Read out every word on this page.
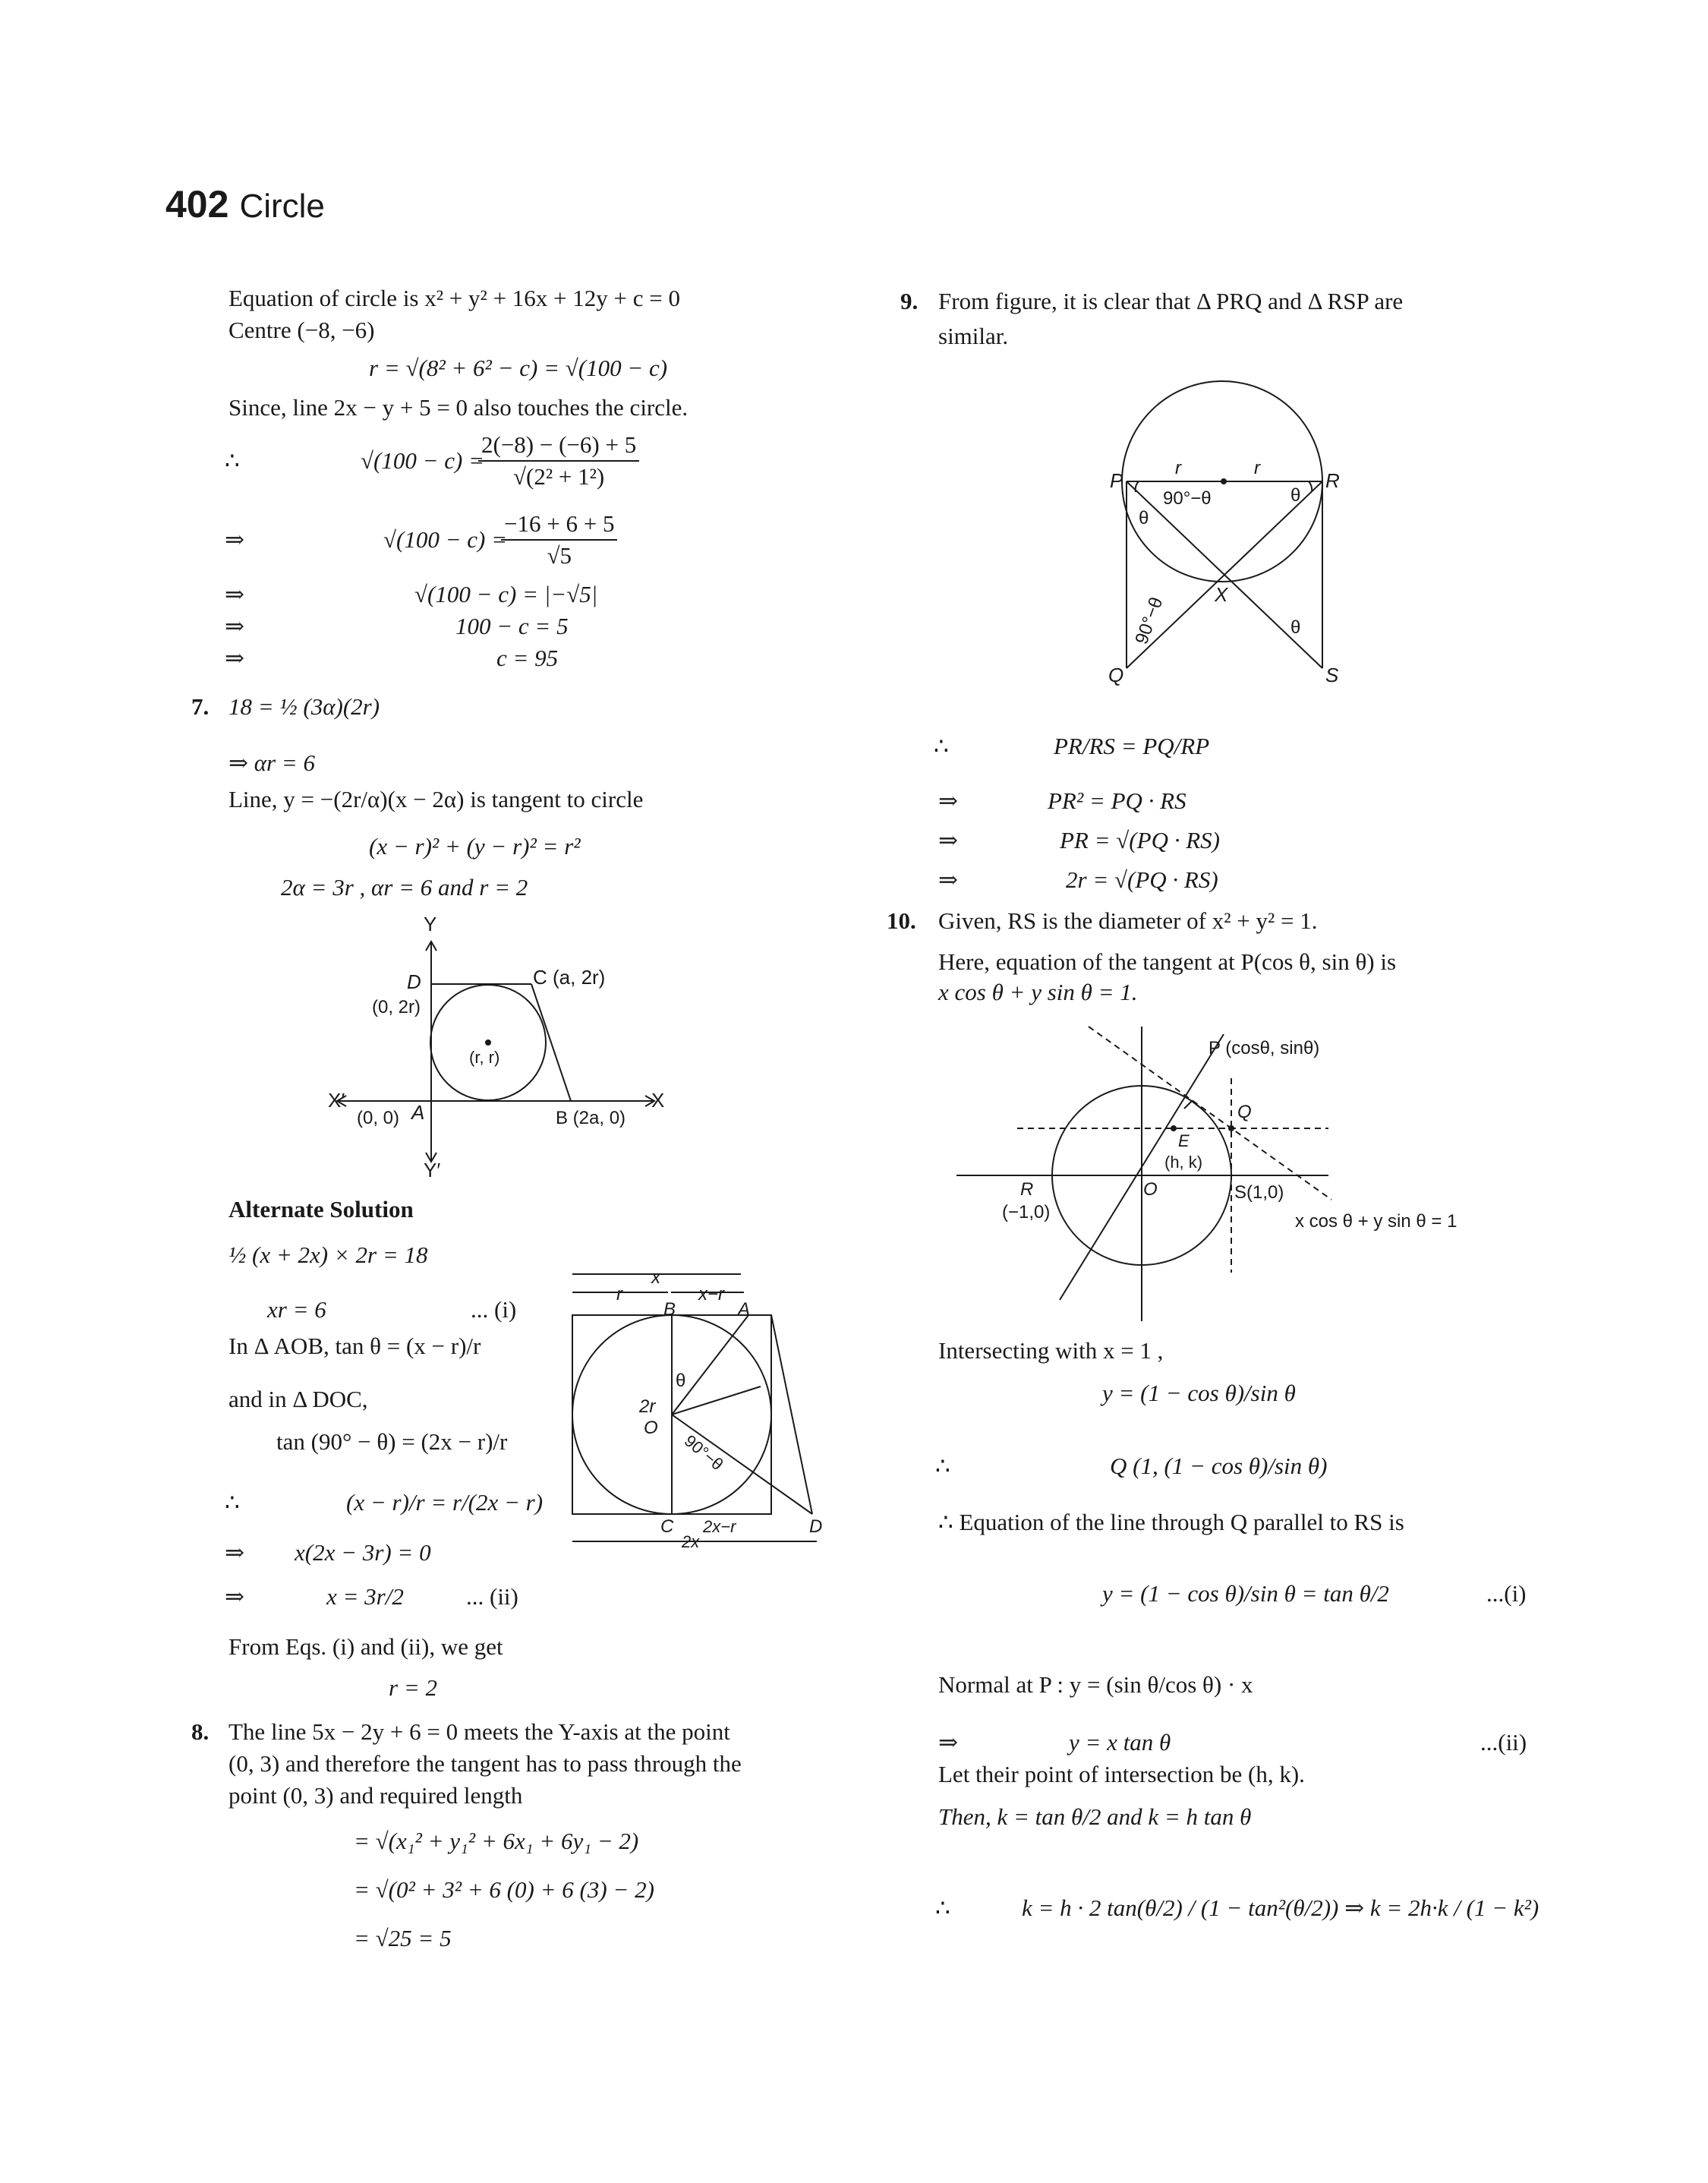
402 Circle
Equation of circle is x² + y² + 16x + 12y + c = 0
Centre (−8, −6)
r = √(8² + 6² − c) = √(100 − c)
Since, line 2x − y + 5 = 0 also touches the circle.
∴	√(100 − c) =
$\frac{2(-8) - (-6) + 5}{\text{√(2² + 1²)}}$
⇒	√(100 − c) =
$\frac{-16 + 6 + 5}{√5}$
⇒	√(100 − c) = |−√5|
⇒	100 − c = 5
⇒	c = 95
7. 18 = ½ (3α)(2r)
⇒ αr = 6
Line, y = −(2r/α)(x − 2α) is tangent to circle
(x − r)² + (y − r)² = r²
2α = 3r , αr = 6 and r = 2
Y
Y′
X
X′
D
(0, 2r)
C (a, 2r)
(r, r)
A
(0, 0)	B (2a, 0)
Alternate Solution
½ (x + 2x) × 2r = 18
xr = 6	... (i)
In Δ AOB, tan θ = (x − r)/r
and in Δ DOC,
tan (90° − θ) = (2x − r)/r
∴	(x − r)/r = r/(2x − r)
⇒ x(2x − 3r) = 0
⇒	x = 3r/2	... (ii)
From Eqs. (i) and (ii), we get
r = 2
x
r	x−r
B	A
2r
O
θ
90°−θ
C	D
2x−r
2x
8. The line 5x − 2y + 6 = 0 meets the Y-axis at the point
(0, 3) and therefore the tangent has to pass through the
point (0, 3) and required length
= √(x₁² + y₁² + 6x₁ + 6y₁ − 2)
= √(0² + 3² + 6 (0) + 6 (3) − 2)
= √25 = 5
9. From figure, it is clear that Δ PRQ and Δ RSP are
similar.
P	R
Q	S
X
r	r
90°−θ	θ
θ
θ
90°−θ
∴	PR/RS = PQ/RP
⇒	PR² = PQ · RS
⇒	PR = √(PQ · RS)
⇒	2r = √(PQ · RS)
10. Given, RS is the diameter of x² + y² = 1.
Here, equation of the tangent at P(cos θ, sin θ) is
x cos θ + y sin θ = 1.
P (cosθ, sinθ)
Q
E
(h, k)
R
(−1,0)
O	S(1,0)
x cos θ + y sin θ = 1
Intersecting with x = 1 ,
y = (1 − cos θ)/sin θ
∴	Q (1, (1 − cos θ)/sin θ)
∴ Equation of the line through Q parallel to RS is
y = (1 − cos θ)/sin θ = tan θ/2	...(i)
Normal at P : y = (sin θ/cos θ) · x
⇒	y = x tan θ	...(ii)
Let their point of intersection be (h, k).
Then, k = tan θ/2 and k = h tan θ
∴	k = h · 2 tan(θ/2) / (1 − tan²(θ/2)) ⇒ k = 2h·k / (1 − k²)
